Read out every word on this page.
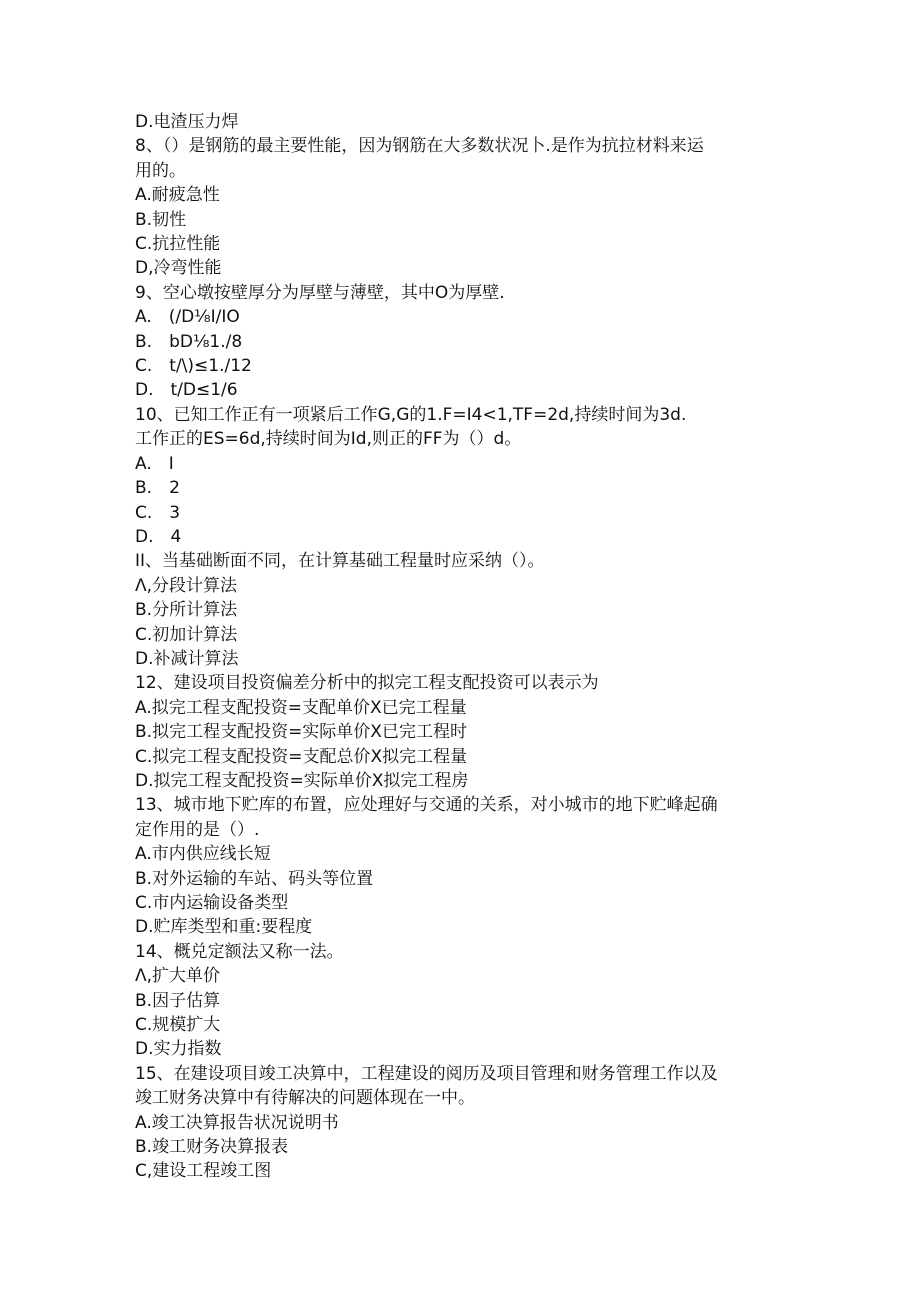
D.电渣压力焊
8、（）是钢筋的最主要性能，因为钢筋在大多数状况卜.是作为抗拉材料来运
用的。
A.耐疲急性
B.韧性
C.抗拉性能
D,冷弯性能
9、空心墩按壁厚分为厚壁与薄壁，其中O为厚壁.
A.　(/D⅛I/IO
B.　bD⅛1./8
C.　t/\)≤1./12
D.　t/D≤1/6
10、已知工作正有一项紧后工作G,G的1.F=I4<1,TF=2d,持续时间为3d.
工作正的ES=6d,持续时间为Id,则正的FF为（）d。
A.　I
B.　2
C.　3
D.　4
II、当基础断面不同，在计算基础工程量时应采纳（）。
Λ,分段计算法
B.分所计算法
C.初加计算法
D.补减计算法
12、建设项目投资偏差分析中的拟完工程支配投资可以表示为
A.拟完工程支配投资=支配单价X已完工程量
B.拟完工程支配投资=实际单价X已完工程时
C.拟完工程支配投资=支配总价X拟完工程量
D.拟完工程支配投资=实际单价X拟完工程房
13、城市地下贮库的布置，应处理好与交通的关系，对小城市的地下贮峰起确
定作用的是（）.
A.市内供应线长短
B.对外运输的车站、码头等位置
C.市内运输设备类型
D.贮库类型和重:要程度
14、概兑定额法又称一法。
Λ,扩大单价
B.因子估算
C.规模扩大
D.实力指数
15、在建设项目竣工决算中，工程建设的阅历及项目管理和财务管理工作以及
竣工财务决算中有待解决的问题体现在一中。
A.竣工决算报告状况说明书
B.竣工财务决算报表
C,建设工程竣工图
